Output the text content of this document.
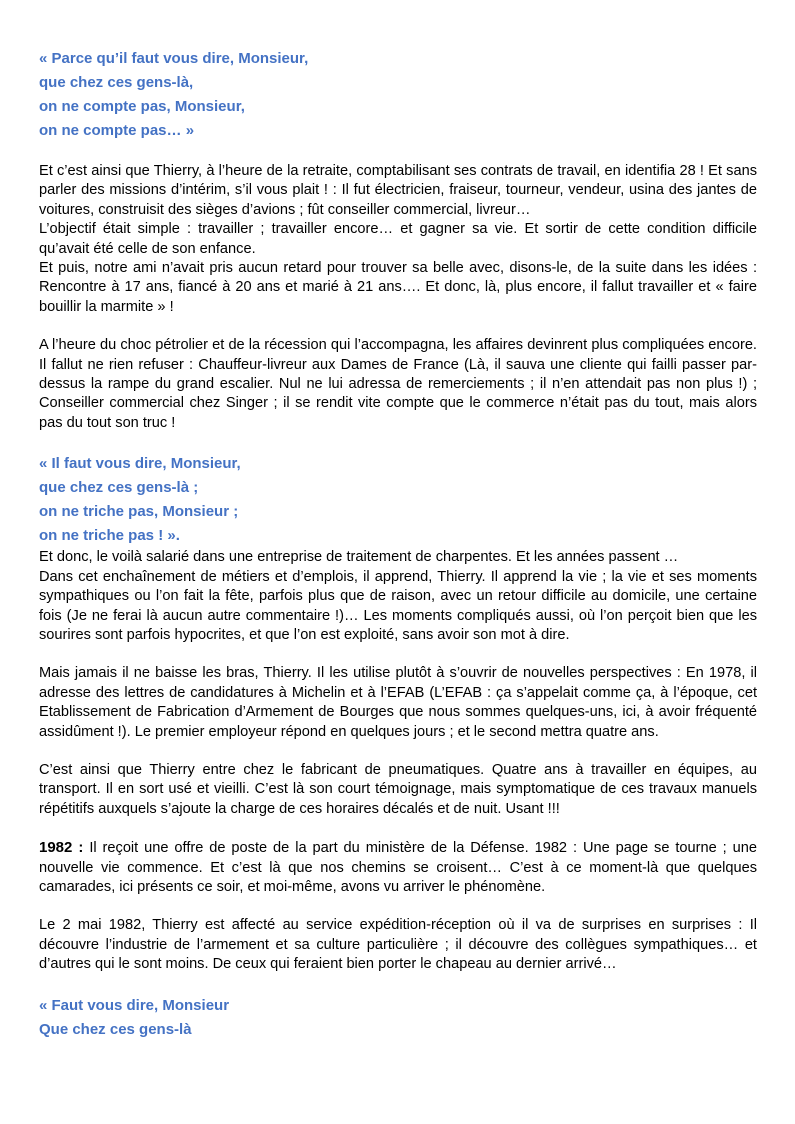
« Parce qu’il faut vous dire, Monsieur,
que chez ces gens-là,
on ne compte pas, Monsieur,
on ne compte pas… »
Et c’est ainsi que Thierry, à l’heure de la retraite, comptabilisant ses contrats de travail, en identifia 28 ! Et sans parler des missions d’intérim, s’il vous plait ! : Il fut électricien, fraiseur, tourneur, vendeur, usina des jantes de voitures, construisit des sièges d’avions ; fût conseiller commercial, livreur…
L’objectif était simple : travailler ; travailler encore… et gagner sa vie. Et sortir de cette condition difficile qu’avait été celle de son enfance.
Et puis, notre ami n’avait pris aucun retard pour trouver sa belle avec, disons-le, de la suite dans les idées : Rencontre à 17 ans, fiancé à 20 ans et marié à 21 ans…. Et donc, là, plus encore, il fallut travailler et « faire bouillir la marmite » !
A l’heure du choc pétrolier et de la récession qui l’accompagna, les affaires devinrent plus compliquées encore. Il fallut ne rien refuser : Chauffeur-livreur aux Dames de France (Là, il sauva une cliente qui failli passer par-dessus la rampe du grand escalier. Nul ne lui adressa de remerciements ; il n’en attendait pas non plus !) ; Conseiller commercial chez Singer ; il se rendit vite compte que le commerce n’était pas du tout, mais alors pas du tout son truc !
« Il faut vous dire, Monsieur,
que chez ces gens-là ;
on ne triche pas, Monsieur ;
on ne triche pas ! ».
Et donc, le voilà salarié dans une entreprise de traitement de charpentes. Et les années passent …
Dans cet enchaînement de métiers et d’emplois, il apprend, Thierry. Il apprend la vie ; la vie et ses moments sympathiques ou l’on fait la fête, parfois plus que de raison, avec un retour difficile au domicile, une certaine fois (Je ne ferai là aucun autre commentaire !)… Les moments compliqués aussi, où l’on perçoit bien que les sourires sont parfois hypocrites, et que l’on est exploité, sans avoir son mot à dire.
Mais jamais il ne baisse les bras, Thierry. Il les utilise plutôt à s’ouvrir de nouvelles perspectives : En 1978, il adresse des lettres de candidatures à Michelin et à l’EFAB (L’EFAB : ça s’appelait comme ça, à l’époque, cet Etablissement de Fabrication d’Armement de Bourges que nous sommes quelques-uns, ici, à avoir fréquenté assidûment !). Le premier employeur répond en quelques jours ; et le second mettra quatre ans.
C’est ainsi que Thierry entre chez le fabricant de pneumatiques. Quatre ans à travailler en équipes, au transport. Il en sort usé et vieilli. C’est là son court témoignage, mais symptomatique de ces travaux manuels répétitifs auxquels s’ajoute la charge de ces horaires décalés et de nuit. Usant !!!
1982 : Il reçoit une offre de poste de la part du ministère de la Défense. 1982 : Une page se tourne ; une nouvelle vie commence. Et c’est là que nos chemins se croisent… C’est à ce moment-là que quelques camarades, ici présents ce soir, et moi-même, avons vu arriver le phénomène.
Le 2 mai 1982, Thierry est affecté au service expédition-réception où il va de surprises en surprises : Il découvre l’industrie de l’armement et sa culture particulière ; il découvre des collègues sympathiques… et d’autres qui le sont moins. De ceux qui feraient bien porter le chapeau au dernier arrivé…
« Faut vous dire, Monsieur
Que chez ces gens-là
